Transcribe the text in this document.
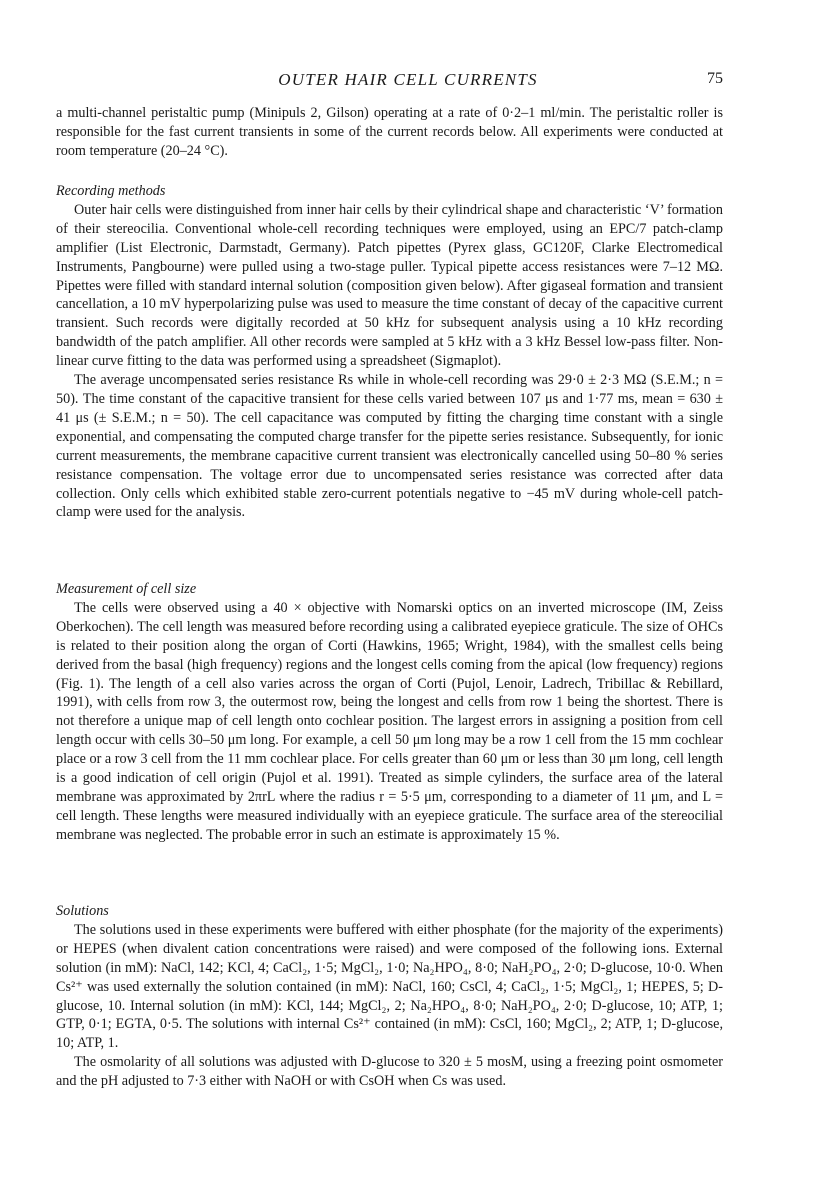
OUTER HAIR CELL CURRENTS	75

a multi-channel peristaltic pump (Minipuls 2, Gilson) operating at a rate of 0·2–1 ml/min. The peristaltic roller is responsible for the fast current transients in some of the current records below. All experiments were conducted at room temperature (20–24 °C).

Recording methods

Outer hair cells were distinguished from inner hair cells by their cylindrical shape and characteristic ‘V’ formation of their stereocilia. Conventional whole-cell recording techniques were employed, using an EPC/7 patch-clamp amplifier (List Electronic, Darmstadt, Germany). Patch pipettes (Pyrex glass, GC120F, Clarke Electromedical Instruments, Pangbourne) were pulled using a two-stage puller. Typical pipette access resistances were 7–12 MΩ. Pipettes were filled with standard internal solution (composition given below). After gigaseal formation and transient cancellation, a 10 mV hyperpolarizing pulse was used to measure the time constant of decay of the capacitive current transient. Such records were digitally recorded at 50 kHz for subsequent analysis using a 10 kHz recording bandwidth of the patch amplifier. All other records were sampled at 5 kHz with a 3 kHz Bessel low-pass filter. Non-linear curve fitting to the data was performed using a spreadsheet (Sigmaplot).

The average uncompensated series resistance Rs while in whole-cell recording was 29·0 ± 2·3 MΩ (S.E.M.; n = 50). The time constant of the capacitive transient for these cells varied between 107 μs and 1·77 ms, mean = 630 ± 41 μs (± S.E.M.; n = 50). The cell capacitance was computed by fitting the charging time constant with a single exponential, and compensating the computed charge transfer for the pipette series resistance. Subsequently, for ionic current measurements, the membrane capacitive current transient was electronically cancelled using 50–80 % series resistance compensation. The voltage error due to uncompensated series resistance was corrected after data collection. Only cells which exhibited stable zero-current potentials negative to −45 mV during whole-cell patch-clamp were used for the analysis.

Measurement of cell size

The cells were observed using a 40 × objective with Nomarski optics on an inverted microscope (IM, Zeiss Oberkochen). The cell length was measured before recording using a calibrated eyepiece graticule. The size of OHCs is related to their position along the organ of Corti (Hawkins, 1965; Wright, 1984), with the smallest cells being derived from the basal (high frequency) regions and the longest cells coming from the apical (low frequency) regions (Fig. 1). The length of a cell also varies across the organ of Corti (Pujol, Lenoir, Ladrech, Tribillac & Rebillard, 1991), with cells from row 3, the outermost row, being the longest and cells from row 1 being the shortest. There is not therefore a unique map of cell length onto cochlear position. The largest errors in assigning a position from cell length occur with cells 30–50 μm long. For example, a cell 50 μm long may be a row 1 cell from the 15 mm cochlear place or a row 3 cell from the 11 mm cochlear place. For cells greater than 60 μm or less than 30 μm long, cell length is a good indication of cell origin (Pujol et al. 1991). Treated as simple cylinders, the surface area of the lateral membrane was approximated by 2πrL where the radius r = 5·5 μm, corresponding to a diameter of 11 μm, and L = cell length. These lengths were measured individually with an eyepiece graticule. The surface area of the stereocilial membrane was neglected. The probable error in such an estimate is approximately 15 %.

Solutions

The solutions used in these experiments were buffered with either phosphate (for the majority of the experiments) or HEPES (when divalent cation concentrations were raised) and were composed of the following ions. External solution (in mM): NaCl, 142; KCl, 4; CaCl₂, 1·5; MgCl₂, 1·0; Na₂HPO₄, 8·0; NaH₂PO₄, 2·0; D-glucose, 10·0. When Cs²⁺ was used externally the solution contained (in mM): NaCl, 160; CsCl, 4; CaCl₂, 1·5; MgCl₂, 1; HEPES, 5; D-glucose, 10. Internal solution (in mM): KCl, 144; MgCl₂, 2; Na₂HPO₄, 8·0; NaH₂PO₄, 2·0; D-glucose, 10; ATP, 1; GTP, 0·1; EGTA, 0·5. The solutions with internal Cs²⁺ contained (in mM): CsCl, 160; MgCl₂, 2; ATP, 1; D-glucose, 10; ATP, 1.

The osmolarity of all solutions was adjusted with D-glucose to 320 ± 5 mosM, using a freezing point osmometer and the pH adjusted to 7·3 either with NaOH or with CsOH when Cs was used.
